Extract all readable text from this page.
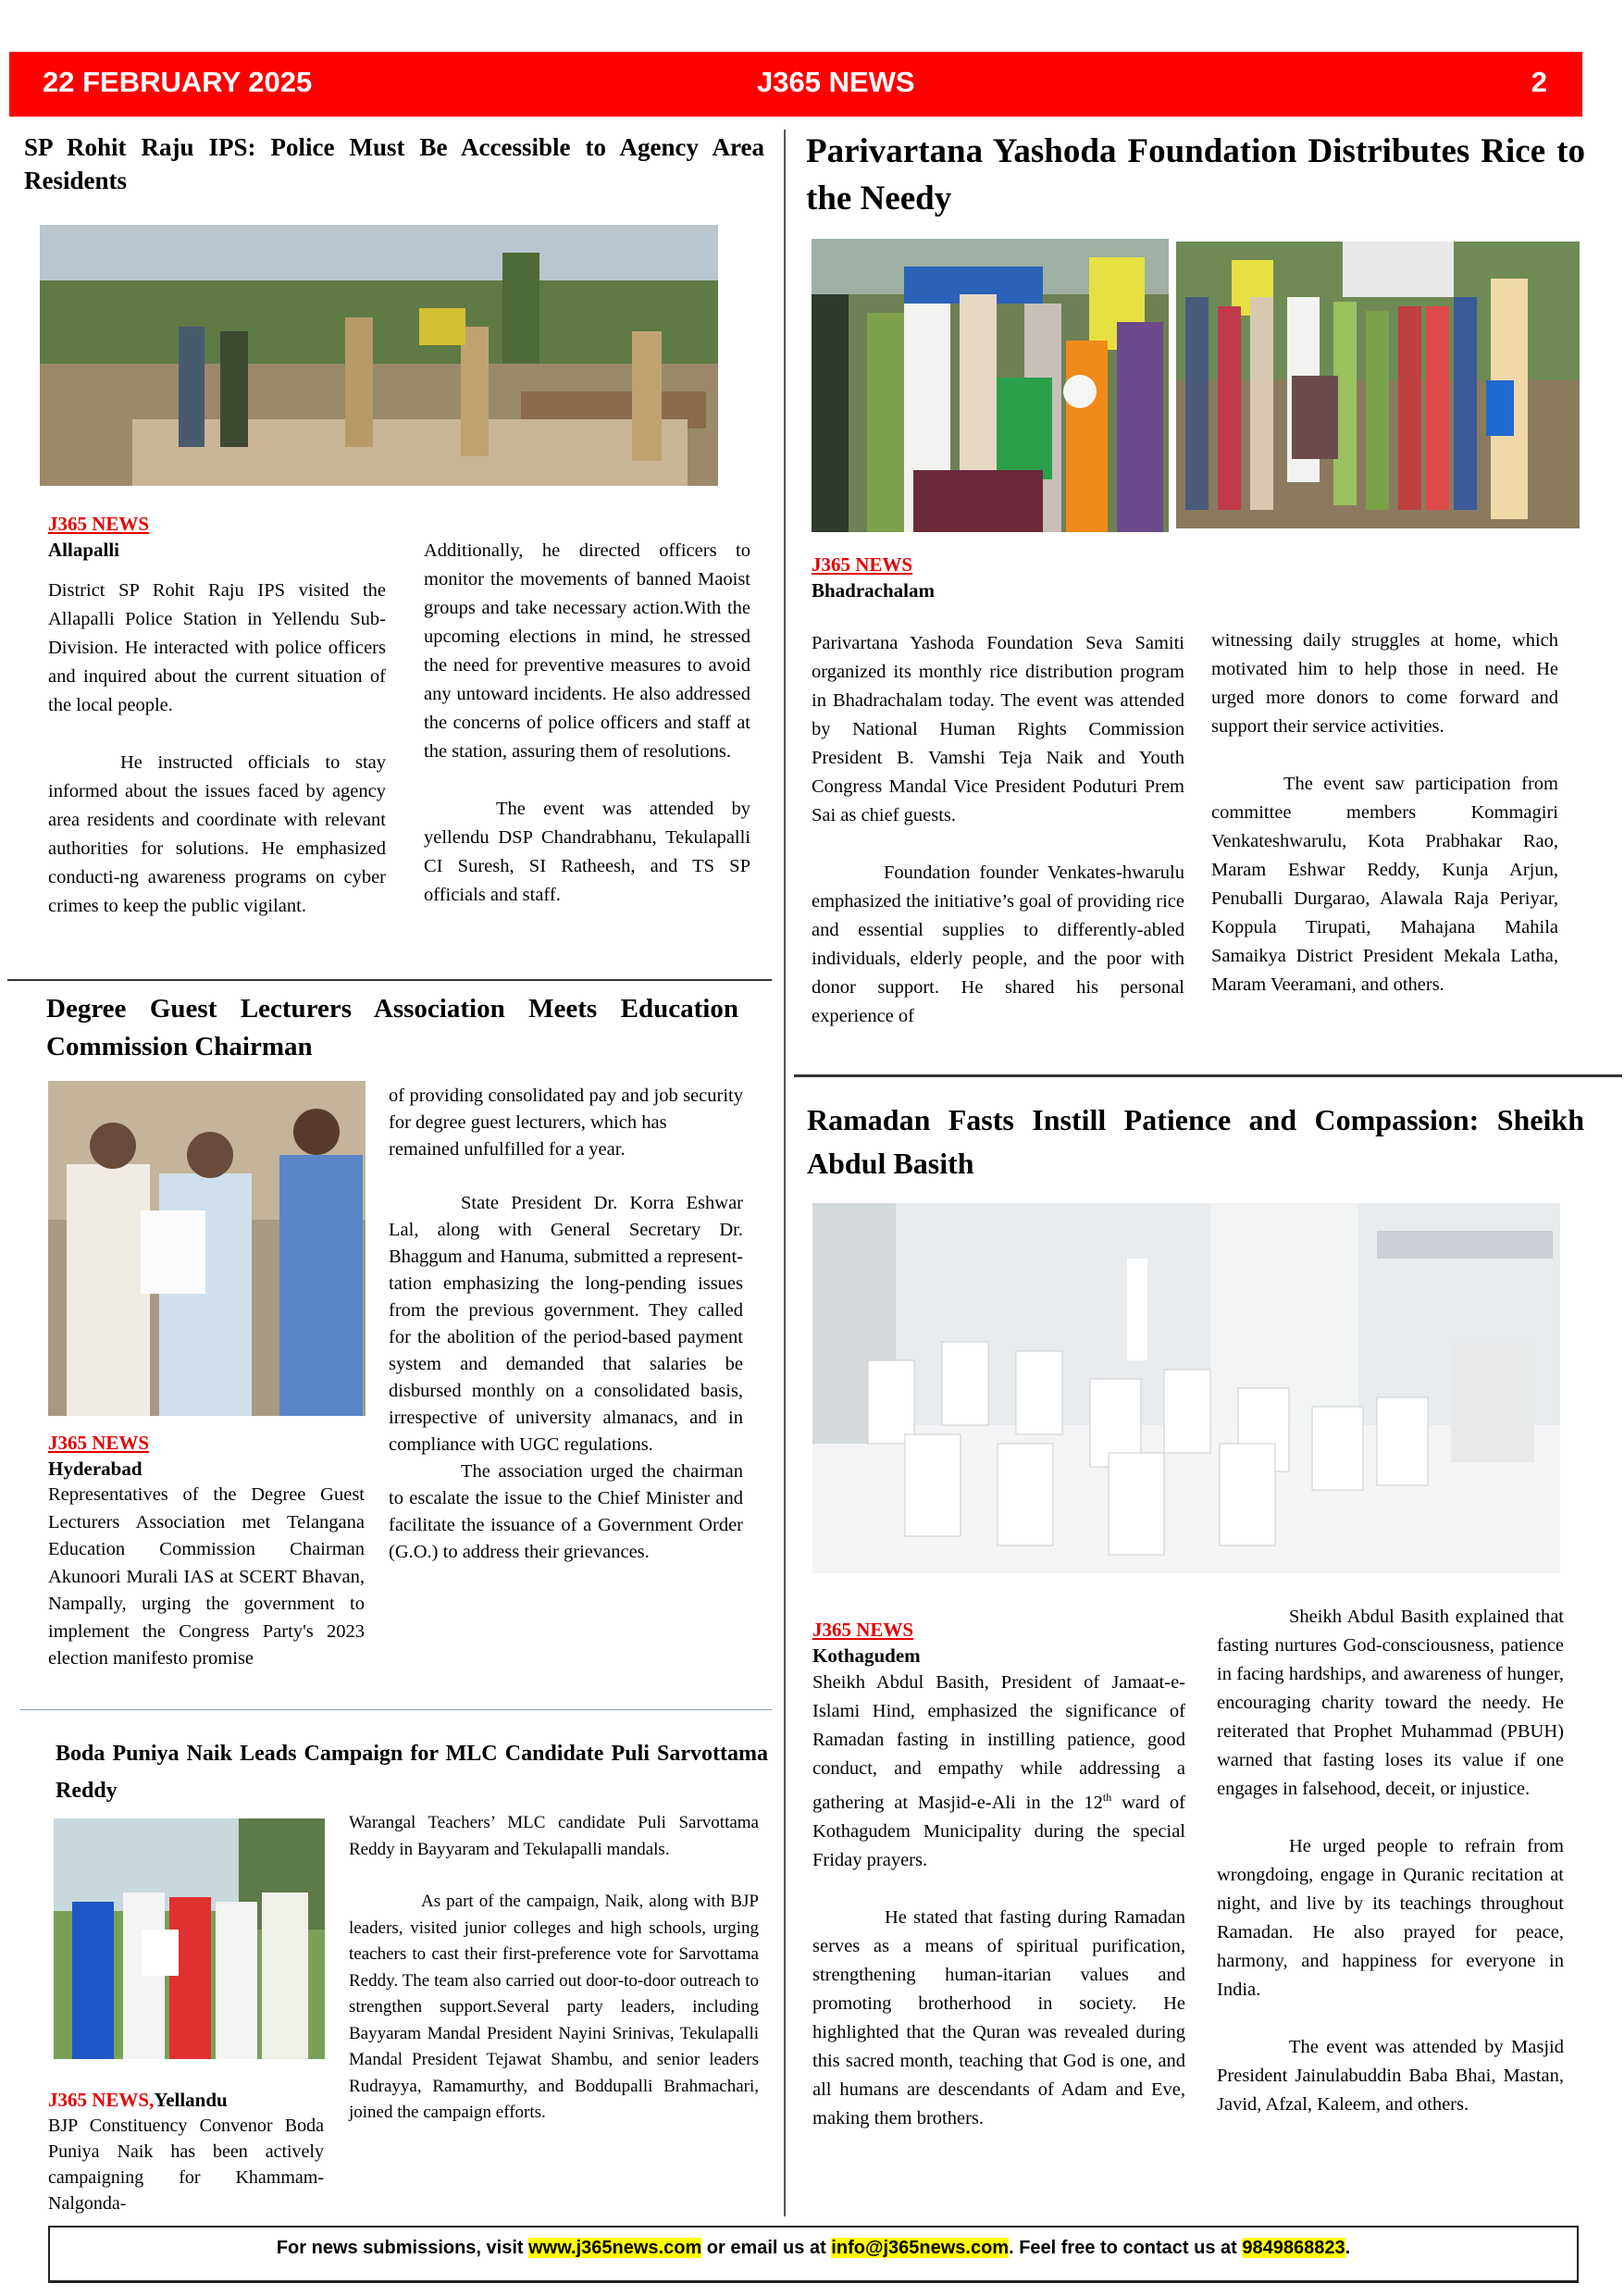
22 FEBRUARY 2025	J365 NEWS	2
SP Rohit Raju IPS: Police Must Be Accessible to Agency Area Residents
J365 NEWS
Allapalli

District SP Rohit Raju IPS visited the Allapalli Police Station in Yellendu Sub-Division. He interacted with police officers and inquired about the current situation of the local people.

He instructed officials to stay informed about the issues faced by agency area residents and coordinate with relevant authorities for solutions. He emphasized conducti-ng awareness programs on cyber crimes to keep the public vigilant.

Additionally, he directed officers to monitor the movements of banned Maoist groups and take necessary action.With the upcoming elections in mind, he stressed the need for preventive measures to avoid any untoward incidents. He also addressed the concerns of police officers and staff at the station, assuring them of resolutions.

The event was attended by yellendu DSP Chandrabhanu, Tekulapalli CI Suresh, SI Ratheesh, and TS SP officials and staff.

Parivartana Yashoda Foundation Distributes Rice to the Needy
J365 NEWS
Bhadrachalam

Parivartana Yashoda Foundation Seva Samiti organized its monthly rice distribution program in Bhadrachalam today. The event was attended by National Human Rights Commission President B. Vamshi Teja Naik and Youth Congress Mandal Vice President Poduturi Prem Sai as chief guests.

Foundation founder Venkates-hwarulu emphasized the initiative’s goal of providing rice and essential supplies to differently-abled individuals, elderly people, and the poor with donor support. He shared his personal experience of

witnessing daily struggles at home, which motivated him to help those in need. He urged more donors to come forward and support their service activities.

The event saw participation from committee members Kommagiri Venkateshwarulu, Kota Prabhakar Rao, Maram Eshwar Reddy, Kunja Arjun, Penuballi Durgarao, Alawala Raja Periyar, Koppula Tirupati, Mahajana Mahila Samaikya District President Mekala Latha, Maram Veeramani, and others.

Degree Guest Lecturers Association Meets Education Commission Chairman
J365 NEWS
Hyderabad

Representatives of the Degree Guest Lecturers Association met Telangana Education Commission Chairman Akunoori Murali IAS at SCERT Bhavan, Nampally, urging the government to implement the Congress Party's 2023 election manifesto promise

of providing consolidated pay and job security for degree guest lecturers, which has

remained unfulfilled for a year.

State President Dr. Korra Eshwar Lal, along with General Secretary Dr. Bhaggum and Hanuma, submitted a represent-tation emphasizing the long-pending issues from the previous government. They called for the abolition of the period-based payment system and demanded that salaries be disbursed monthly on a consolidated basis, irrespective of university almanacs, and in compliance with UGC regulations.

The association urged the chairman to escalate the issue to the Chief Minister and facilitate the issuance of a Government Order (G.O.) to address their grievances.

Boda Puniya Naik Leads Campaign for MLC Candidate Puli Sarvottama Reddy
J365 NEWS,Yellandu

BJP Constituency Convenor Boda Puniya Naik has been actively campaigning for Khammam-Nalgonda-

Warangal Teachers’ MLC candidate Puli Sarvottama Reddy in Bayyaram and Tekulapalli mandals.

As part of the campaign, Naik, along with BJP leaders, visited junior colleges and high schools, urging teachers to cast their first-preference vote for Sarvottama Reddy. The team also carried out door-to-door outreach to strengthen support.Several party leaders, including Bayyaram Mandal President Nayini Srinivas, Tekulapalli Mandal President Tejawat Shambu, and senior leaders Rudrayya, Ramamurthy, and Boddupalli Brahmachari, joined the campaign efforts.

Ramadan Fasts Instill Patience and Compassion: Sheikh Abdul Basith
J365 NEWS
Kothagudem

Sheikh Abdul Basith, President of Jamaat-e-Islami Hind, emphasized the significance of Ramadan fasting in instilling patience, good conduct, and empathy while addressing a gathering at Masjid-e-Ali in the 12th ward of Kothagudem Municipality during the special Friday prayers.

He stated that fasting during Ramadan serves as a means of spiritual purification, strengthening human-itarian values and promoting brotherhood in society. He highlighted that the Quran was revealed during this sacred month, teaching that God is one, and all humans are descendants of Adam and Eve, making them brothers.

Sheikh Abdul Basith explained that fasting nurtures God-consciousness, patience in facing hardships, and awareness of hunger, encouraging charity toward the needy. He reiterated that Prophet Muhammad (PBUH) warned that fasting loses its value if one engages in falsehood, deceit, or injustice.

He urged people to refrain from wrongdoing, engage in Quranic recitation at night, and live by its teachings throughout Ramadan. He also prayed for peace, harmony, and happiness for everyone in India.

The event was attended by Masjid President Jainulabuddin Baba Bhai, Mastan, Javid, Afzal, Kaleem, and others.

For news submissions, visit www.j365news.com or email us at info@j365news.com. Feel free to contact us at 9849868823.
